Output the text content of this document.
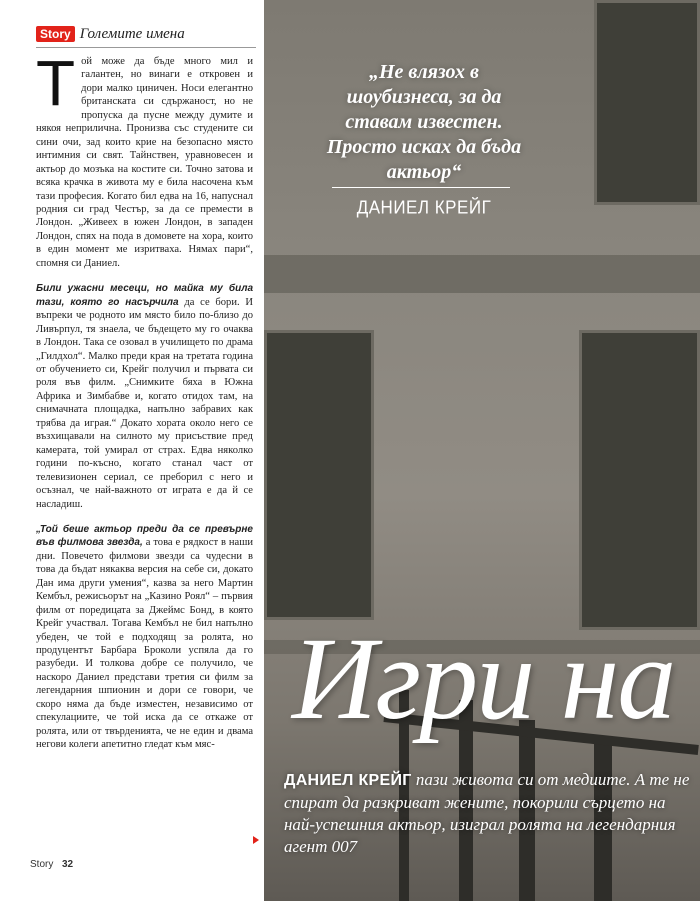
Story Големите имена

Той може да бъде много мил и галантен, но винаги е откровен и дори малко циничен. Носи елегантно британската си сдържаност, но не пропуска да пусне между думите и някоя неприлична. Пронизва със студените си сини очи, зад които крие на безопасно място интимния си свят. Тайнствен, уравновесен и актьор до мозъка на костите си. Точно затова и всяка крачка в живота му е била насочена към тази професия. Когато бил едва на 16, напуснал родния си град Честър, за да се премести в Лондон. „Живеех в южен Лондон, в западен Лондон, спях на пода в домовете на хора, които в един момент ме изритваха. Нямах пари“, спомня си Даниел.

Били ужасни месеци, но майка му била тази, която го насърчила да се бори. И въпреки че родното им място било по-близо до Ливърпул, тя знаела, че бъдещето му го очаква в Лондон. Така се озовал в училището по драма „Гилдхол“. Малко преди края на третата година от обучението си, Крейг получил и първата си роля във филм. „Снимките бяха в Южна Африка и Зимбабве и, когато отидох там, на снимачната площадка, напълно забравих как трябва да играя.“ Докато хората около него се възхищавали на силното му присъствие пред камерата, той умирал от страх. Едва няколко години по-късно, когато станал част от телевизионен сериал, се преборил с него и осъзнал, че най-важното от играта е да й се насладиш.

„Той беше актьор преди да се превърне във филмова звезда, а това е рядкост в наши дни. Повечето филмови звезди са чудесни в това да бъдат някаква версия на себе си, докато Дан има други умения“, казва за него Мартин Кембъл, режисьорът на „Казино Роял“ – първия филм от поредицата за Джеймс Бонд, в която Крейг участвал. Тогава Кембъл не бил напълно убеден, че той е подходящ за ролята, но продуцентът Барбара Броколи успяла да го разубеди. И толкова добре се получило, че наскоро Даниел представи третия си филм за легендарния шпионин и дори се говори, че скоро няма да бъде изместен, независимо от спекулациите, че той иска да се откаже от ролята, или от твърденията, че не един и двама негови колеги апетитно гледат към мяс-

Story 32
„Не влязох в шоубизнеса, за да ставам известен. Просто исках да бъда актьор“
ДАНИЕЛ КРЕЙГ
Игри на
ДАНИЕЛ КРЕЙГ пази живота си от медиите. А те не спират да разкриват жените, покорили сърцето на най-успешния актьор, изиграл ролята на легендарния агент 007
